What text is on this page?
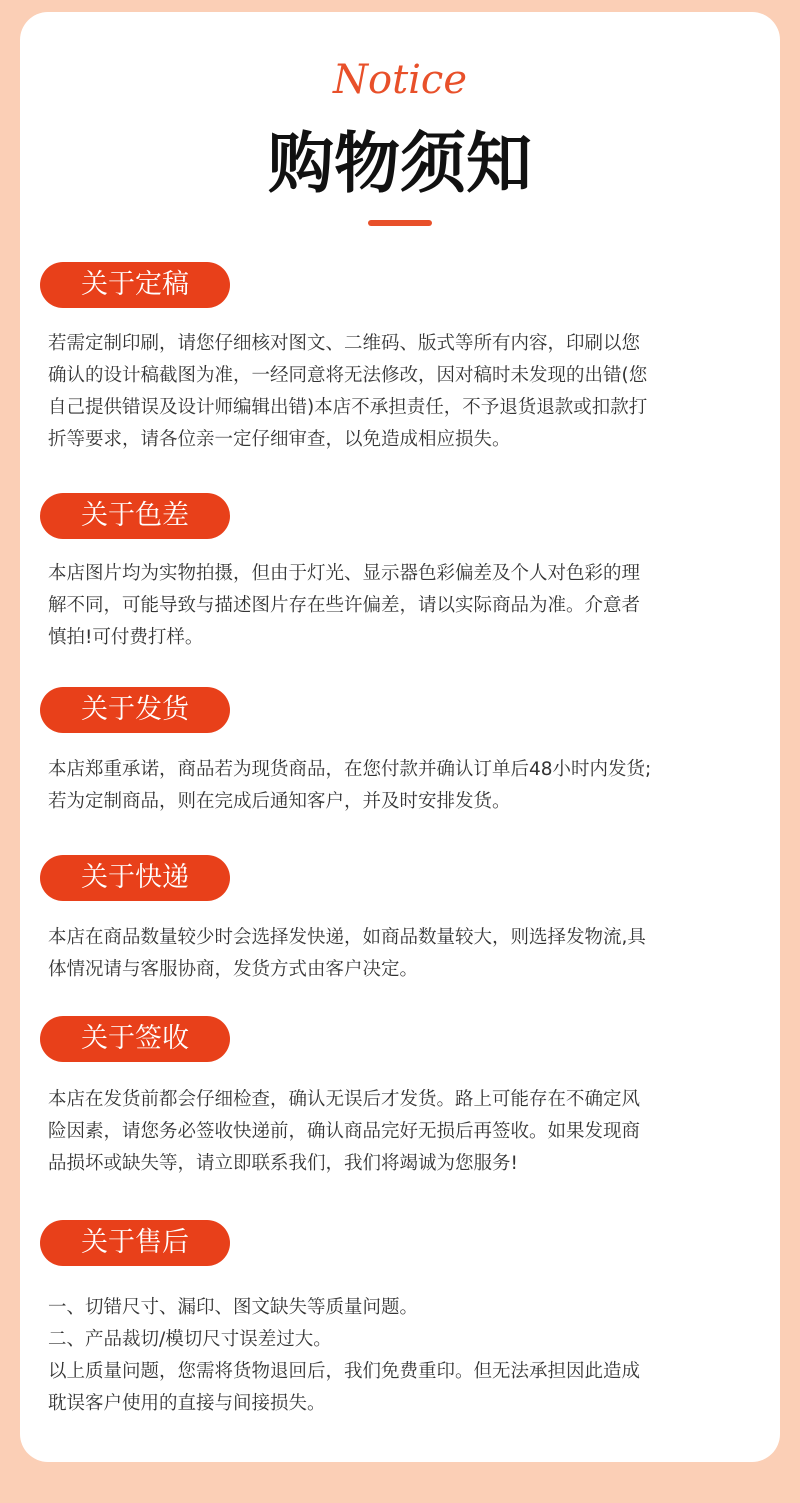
Notice
购物须知
关于定稿
若需定制印刷，请您仔细核对图文、二维码、版式等所有内容，印刷以您
确认的设计稿截图为准，一经同意将无法修改，因对稿时未发现的出错(您
自己提供错误及设计师编辑出错)本店不承担责任，不予退货退款或扣款打
折等要求，请各位亲一定仔细审查，以免造成相应损失。
关于色差
本店图片均为实物拍摄，但由于灯光、显示器色彩偏差及个人对色彩的理
解不同，可能导致与描述图片存在些许偏差，请以实际商品为准。介意者
慎拍!可付费打样。
关于发货
本店郑重承诺，商品若为现货商品，在您付款并确认订单后48小时内发货;
若为定制商品，则在完成后通知客户，并及时安排发货。
关于快递
本店在商品数量较少时会选择发快递，如商品数量较大，则选择发物流,具
体情况请与客服协商，发货方式由客户决定。
关于签收
本店在发货前都会仔细检查，确认无误后才发货。路上可能存在不确定风
险因素，请您务必签收快递前，确认商品完好无损后再签收。如果发现商
品损坏或缺失等，请立即联系我们，我们将竭诚为您服务!
关于售后
一、切错尺寸、漏印、图文缺失等质量问题。
二、产品裁切/模切尺寸误差过大。
以上质量问题，您需将货物退回后，我们免费重印。但无法承担因此造成
耽误客户使用的直接与间接损失。
